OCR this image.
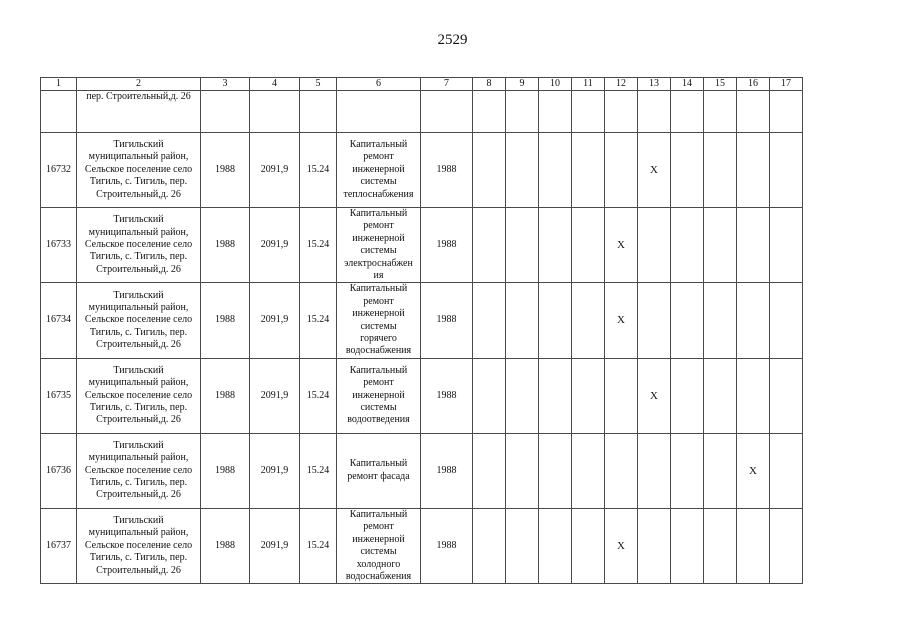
2529
1	2	3	4	5	6	7	8	9	10	11	12	13	14	15	16	17
	пер. Строительный,д. 26															
16732	Тигильский муниципальный район, Сельское поселение село Тигиль, с. Тигиль, пер. Строительный,д. 26	1988	2091,9	15.24	Капитальный ремонт инженерной системы теплоснабжения	1988						X				
16733	Тигильский муниципальный район, Сельское поселение село Тигиль, с. Тигиль, пер. Строительный,д. 26	1988	2091,9	15.24	Капитальный ремонт инженерной системы электроснабжения	1988					X					
16734	Тигильский муниципальный район, Сельское поселение село Тигиль, с. Тигиль, пер. Строительный,д. 26	1988	2091,9	15.24	Капитальный ремонт инженерной системы горячего водоснабжения	1988					X					
16735	Тигильский муниципальный район, Сельское поселение село Тигиль, с. Тигиль, пер. Строительный,д. 26	1988	2091,9	15.24	Капитальный ремонт инженерной системы водоотведения	1988						X				
16736	Тигильский муниципальный район, Сельское поселение село Тигиль, с. Тигиль, пер. Строительный,д. 26	1988	2091,9	15.24	Капитальный ремонт фасада	1988									X	
16737	Тигильский муниципальный район, Сельское поселение село Тигиль, с. Тигиль, пер. Строительный,д. 26	1988	2091,9	15.24	Капитальный ремонт инженерной системы холодного водоснабжения	1988					X					
